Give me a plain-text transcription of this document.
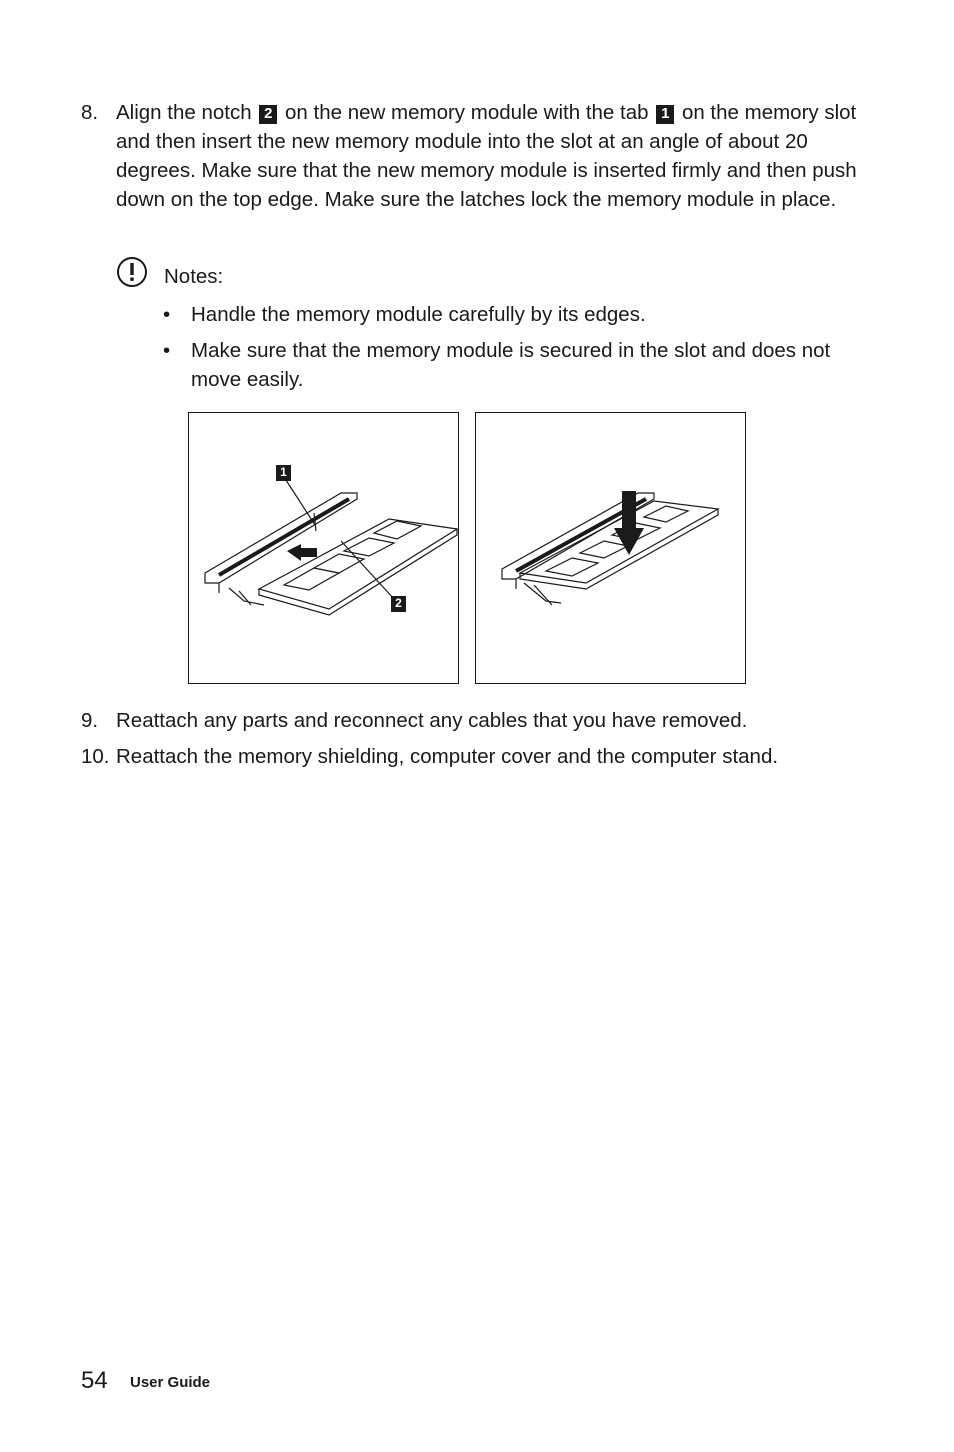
8. Align the notch 2 on the new memory module with the tab 1 on the memory slot and then insert the new memory module into the slot at an angle of about 20 degrees. Make sure that the new memory module is inserted firmly and then push down on the top edge. Make sure the latches lock the memory module in place.
Notes:
• Handle the memory module carefully by its edges.
• Make sure that the memory module is secured in the slot and does not move easily.
1
2
9. Reattach any parts and reconnect any cables that you have removed.
10. Reattach the memory shielding, computer cover and the computer stand.
54 User Guide
